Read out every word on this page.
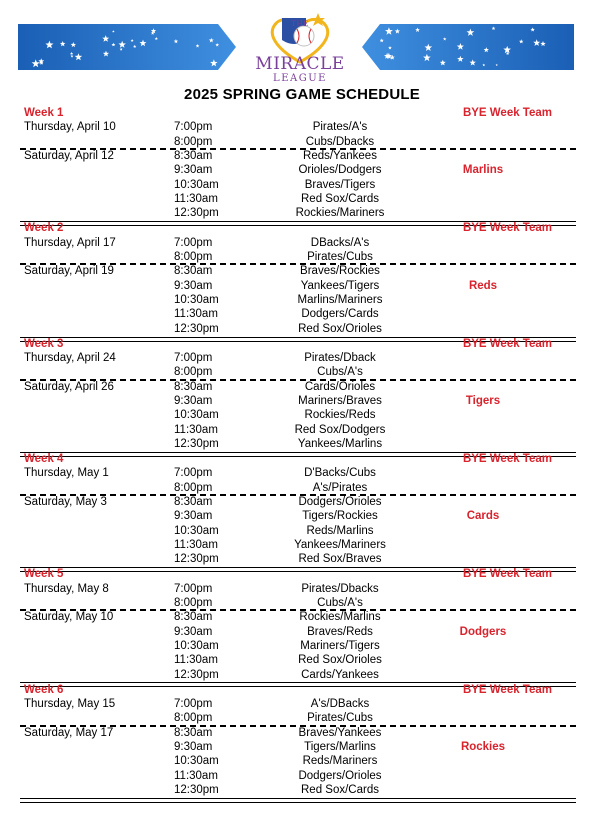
THE
MIRACLE
LEAGUE
2025 SPRING GAME SCHEDULE
Week 1	BYE Week Team
Thursday, April 10	7:00pm	Pirates/A's
8:00pm	Cubs/Dbacks
Saturday, April 12	8:30am	Reds/Yankees
9:30am	Orioles/Dodgers	Marlins
10:30am	Braves/Tigers
11:30am	Red Sox/Cards
12:30pm	Rockies/Mariners
Week 2	BYE Week Team
Thursday, April 17	7:00pm	DBacks/A's
8:00pm	Pirates/Cubs
Saturday, April 19	8:30am	Braves/Rockies
9:30am	Yankees/Tigers	Reds
10:30am	Marlins/Mariners
11:30am	Dodgers/Cards
12:30pm	Red Sox/Orioles
Week 3	BYE Week Team
Thursday, April 24	7:00pm	Pirates/Dback
8:00pm	Cubs/A's
Saturday, April 26	8:30am	Cards/Orioles
9:30am	Mariners/Braves	Tigers
10:30am	Rockies/Reds
11:30am	Red Sox/Dodgers
12:30pm	Yankees/Marlins
Week 4	BYE Week Team
Thursday, May 1	7:00pm	D'Backs/Cubs
8:00pm	A's/Pirates
Saturday, May 3	8:30am	Dodgers/Orioles
9:30am	Tigers/Rockies	Cards
10:30am	Reds/Marlins
11:30am	Yankees/Mariners
12:30pm	Red Sox/Braves
Week 5	BYE Week Team
Thursday, May 8	7:00pm	Pirates/Dbacks
8:00pm	Cubs/A's
Saturday, May 10	8:30am	Rockies/Marlins
9:30am	Braves/Reds	Dodgers
10:30am	Mariners/Tigers
11:30am	Red Sox/Orioles
12:30pm	Cards/Yankees
Week 6	BYE Week Team
Thursday, May 15	7:00pm	A's/DBacks
8:00pm	Pirates/Cubs
Saturday, May 17	8:30am	Braves/Yankees
9:30am	Tigers/Marlins	Rockies
10:30am	Reds/Mariners
11:30am	Dodgers/Orioles
12:30pm	Red Sox/Cards
